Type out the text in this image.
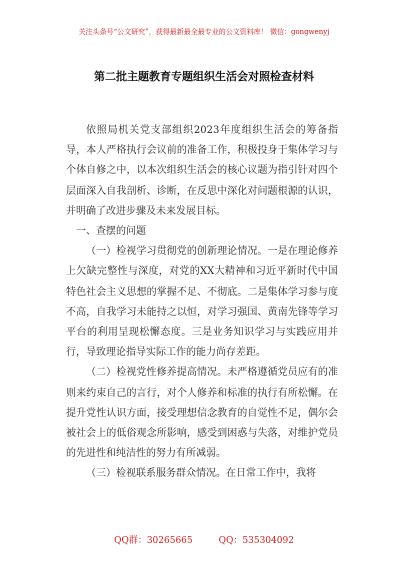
关注头条号“公文研究”，获得最新最全最专业的公文资料库！ 微信：gongwenyj
第二批主题教育专题组织生活会对照检查材料

依照局机关党支部组织2023年度组织生活会的筹备指导，本人严格执行会议前的准备工作，积极投身于集体学习与个体自修之中，以本次组织生活会的核心议题为指引针对四个层面深入自我剖析、诊断，在反思中深化对问题根源的认识，并明确了改进步骤及未来发展目标。

一、查摆的问题

（一）检视学习贯彻党的创新理论情况。一是在理论修养上欠缺完整性与深度，对党的XX大精神和习近平新时代中国特色社会主义思想的掌握不足、不彻底。二是集体学习参与度不高，自我学习未能持之以恒，对学习强国、黄南先锋等学习平台的利用呈现松懈态度。三是业务知识学习与实践应用并行，导致理论指导实际工作的能力尚存差距。

（二）检视党性修养提高情况。未严格遵循党员应有的准则来约束自己的言行，对个人修养和标准的执行有所松懈。在提升党性认识方面，接受理想信念教育的自觉性不足，偶尔会被社会上的低俗观念所影响，感受到困惑与失落，对维护党员的先进性和纯洁性的努力有所减弱。

（三）检视联系服务群众情况。在日常工作中，我将

QQ群：30265665	QQ：535304092
